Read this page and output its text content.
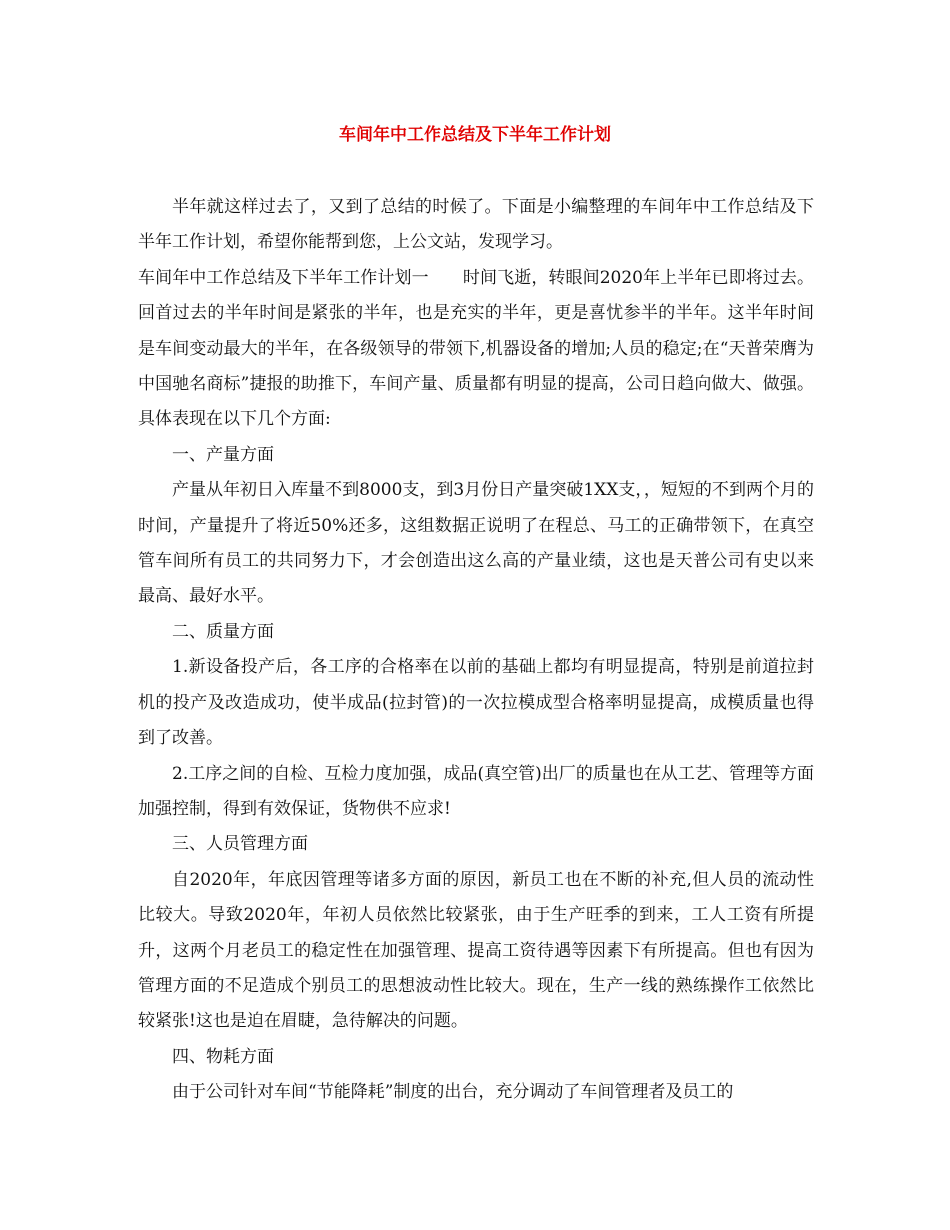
车间年中工作总结及下半年工作计划

半年就这样过去了，又到了总结的时候了。下面是小编整理的车间年中工作总结及下半年工作计划，希望你能帮到您，上公文站，发现学习。

车间年中工作总结及下半年工作计划一　　时间飞逝，转眼间2020年上半年已即将过去。回首过去的半年时间是紧张的半年，也是充实的半年，更是喜忧参半的半年。这半年时间是车间变动最大的半年，在各级领导的带领下,机器设备的增加;人员的稳定;在“天普荣膺为中国驰名商标”捷报的助推下，车间产量、质量都有明显的提高，公司日趋向做大、做强。具体表现在以下几个方面:

一、产量方面

产量从年初日入库量不到8000支，到3月份日产量突破1XX支，，短短的不到两个月的时间，产量提升了将近50%还多，这组数据正说明了在程总、马工的正确带领下，在真空管车间所有员工的共同努力下，才会创造出这么高的产量业绩，这也是天普公司有史以来最高、最好水平。

二、质量方面

1.新设备投产后，各工序的合格率在以前的基础上都均有明显提高，特别是前道拉封机的投产及改造成功，使半成品(拉封管)的一次拉模成型合格率明显提高，成模质量也得到了改善。

2.工序之间的自检、互检力度加强，成品(真空管)出厂的质量也在从工艺、管理等方面加强控制，得到有效保证，货物供不应求!

三、人员管理方面

自2020年，年底因管理等诸多方面的原因，新员工也在不断的补充,但人员的流动性比较大。导致2020年，年初人员依然比较紧张，由于生产旺季的到来，工人工资有所提升，这两个月老员工的稳定性在加强管理、提高工资待遇等因素下有所提高。但也有因为管理方面的不足造成个别员工的思想波动性比较大。现在，生产一线的熟练操作工依然比较紧张!这也是迫在眉睫，急待解决的问题。

四、物耗方面

由于公司针对车间“节能降耗”制度的出台，充分调动了车间管理者及员工的
